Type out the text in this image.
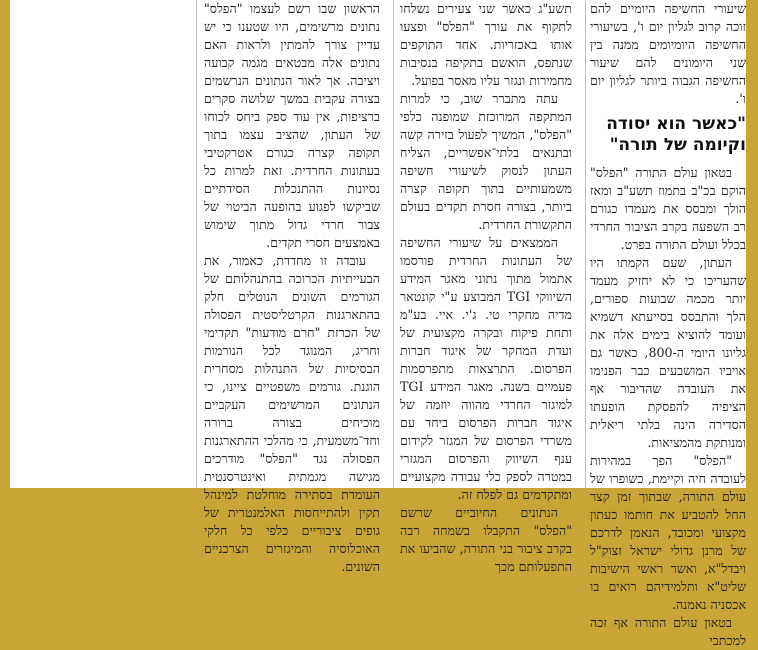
שיעורי החשיפה היומיים להם זוכה קרוב לגליון יום ו', בשיעורי החשיפה היומיומים ממנה בין שני היומונים להם שיעור החשיפה הגבוה ביותר לגליון יום ו'.

"כאשר הוא יסודה וקיומה של תורה"

בטאון עולם התורה "הפלס" הוקם בכ"ב בתמוז תשע"ב ומאז הולך ומבסס את מעמדו כגורם רב השפעה בקרב הציבור החרדי בכלל ועולם התורה בפרט.

העתון, שעם הקמתו היו שהעריכו כי לא יחזיק מעמד יותר מכמה שבועות ספורים, הלך והתבסס בסייעתא דשמיא ועומד להוציא בימים אלה את גליונו היומי ה-800, כאשר גם אויביו המושבעים כבר הפנימו את העובדה שהדיבור אף הציפיה להפסקת הופעתו הסדירה הינה בלתי ריאלית ומנותקת מהמציאות.

"הפלס" הפך במהירות לעובדה חיה וקיימת, כשופרו של עולם התורה, שבתוך זמן קצר החל להטביע את חותמו כעתון מקצועי ומכובד, הנאמן לדרכם של מרנן גדולי ישראל זצוק"ל ויבדל"א, ואשר ראשי הישיבות שליט"א ותלמידיהם רואים בו אכסניה נאמנה.

בטאון עולם התורה אף זכה למכתבי

תשע"ג כאשר שני צעירים נשלחו לתקוף את עורך "הפלס" ופצעו אותו באכזריות. אחד התוקפים שנתפס, הואשם בתקיפה בנסיבות מחמירות ונגזר עליו מאסר בפועל.

עתה מתברר שוב, כי למרות המתקפה המרוכזת שמופנה כלפי "הפלס", המשיך לפעול בזירה קשה ובתנאים בלתי־אפשריים, הצליח העתון לנסוק לשיעורי חשיפה משמעותיים בתוך תקופה קצרה ביותר, בצורה חסרת תקדים בעולם התקשורת החרדית.

הממצאים על שיעורי החשיפה של העתונות החרדית פורסמו אתמול מתוך נתוני מאגר המידע השיווקי TGI המבוצע ע"י קונטאר מדיה מחקרי טי. ג'י. איי. בע"מ ותחת פיקוח ובקרה מקצועית של ועדת המחקר של איגוד חברות הפרסום. התרצאות מתפרסמות פעמיים בשנה. מאגר המידע TGI למיגזר החרדי מהווה יוזמה של איגוד חברות הפרסום ביחד עם משרדי הפרסום של המגזר לקידום ענף השיווק והפרסום המגזרי במטרה לספק כלי עבודה מקצועיים ומתקדמים גם לפלח זה.

הנתונים החיוביים שרשם "הפלס" התקבלו בשמחה רבה בקרב ציבור בני התורה, שהביעו את התפעלותם מכך

הראשון שבו רשם לעצמו "הפלס" נתונים מרשימים, היו שטענו כי יש עדיין צורך להמתין ולראות האם נתונים אלה מבטאים מגמה קבועה ויציבה. אך לאור הנתונים הנרשמים בצורה עקבית במשך שלושה סקרים ברציפות, אין עוד ספק ביחס לכוחו של העתון, שהציב עצמו בתוך תקופה קצרה כגורם אטרקטיבי בעתונות החרדית. זאת למרות כל נסיונות ההתנכלות הסידתיים שביקשו לפגוע בהופעה הביטוי של צבור חרדי גדול מתוך שימוש באמצעים חסרי תקדים.

עובדה זו מחדדת, כאמור, את הבעייתיות הכרוכה בהתנהלותם של הגורמים השונים הנוטלים חלק בהתארגנות הקרטליסטית הפסולה של הכרזת "חרם מודעות" תקדימי וחריג, המנוגד לכל הנורמות הבסיסיות של התנהלות מסחרית הוגנת. גורמים משפטיים ציינו, כי הנתונים המרשימים העקביים מוכיחים בצורה ברורה וחד־משמעית, כי מהלכי ההתארגנות הפסולה נגד "הפלס" מודרכים מגישה מגמתית ואינטרסנטית העומדת בסתירה מוחלטת למינהל תקין ולהתייחסות האלמנטרית של גופים ציבוריים כלפי כל חלקי האוכלוסיה והמיגזרים הצרכניים השונים.
